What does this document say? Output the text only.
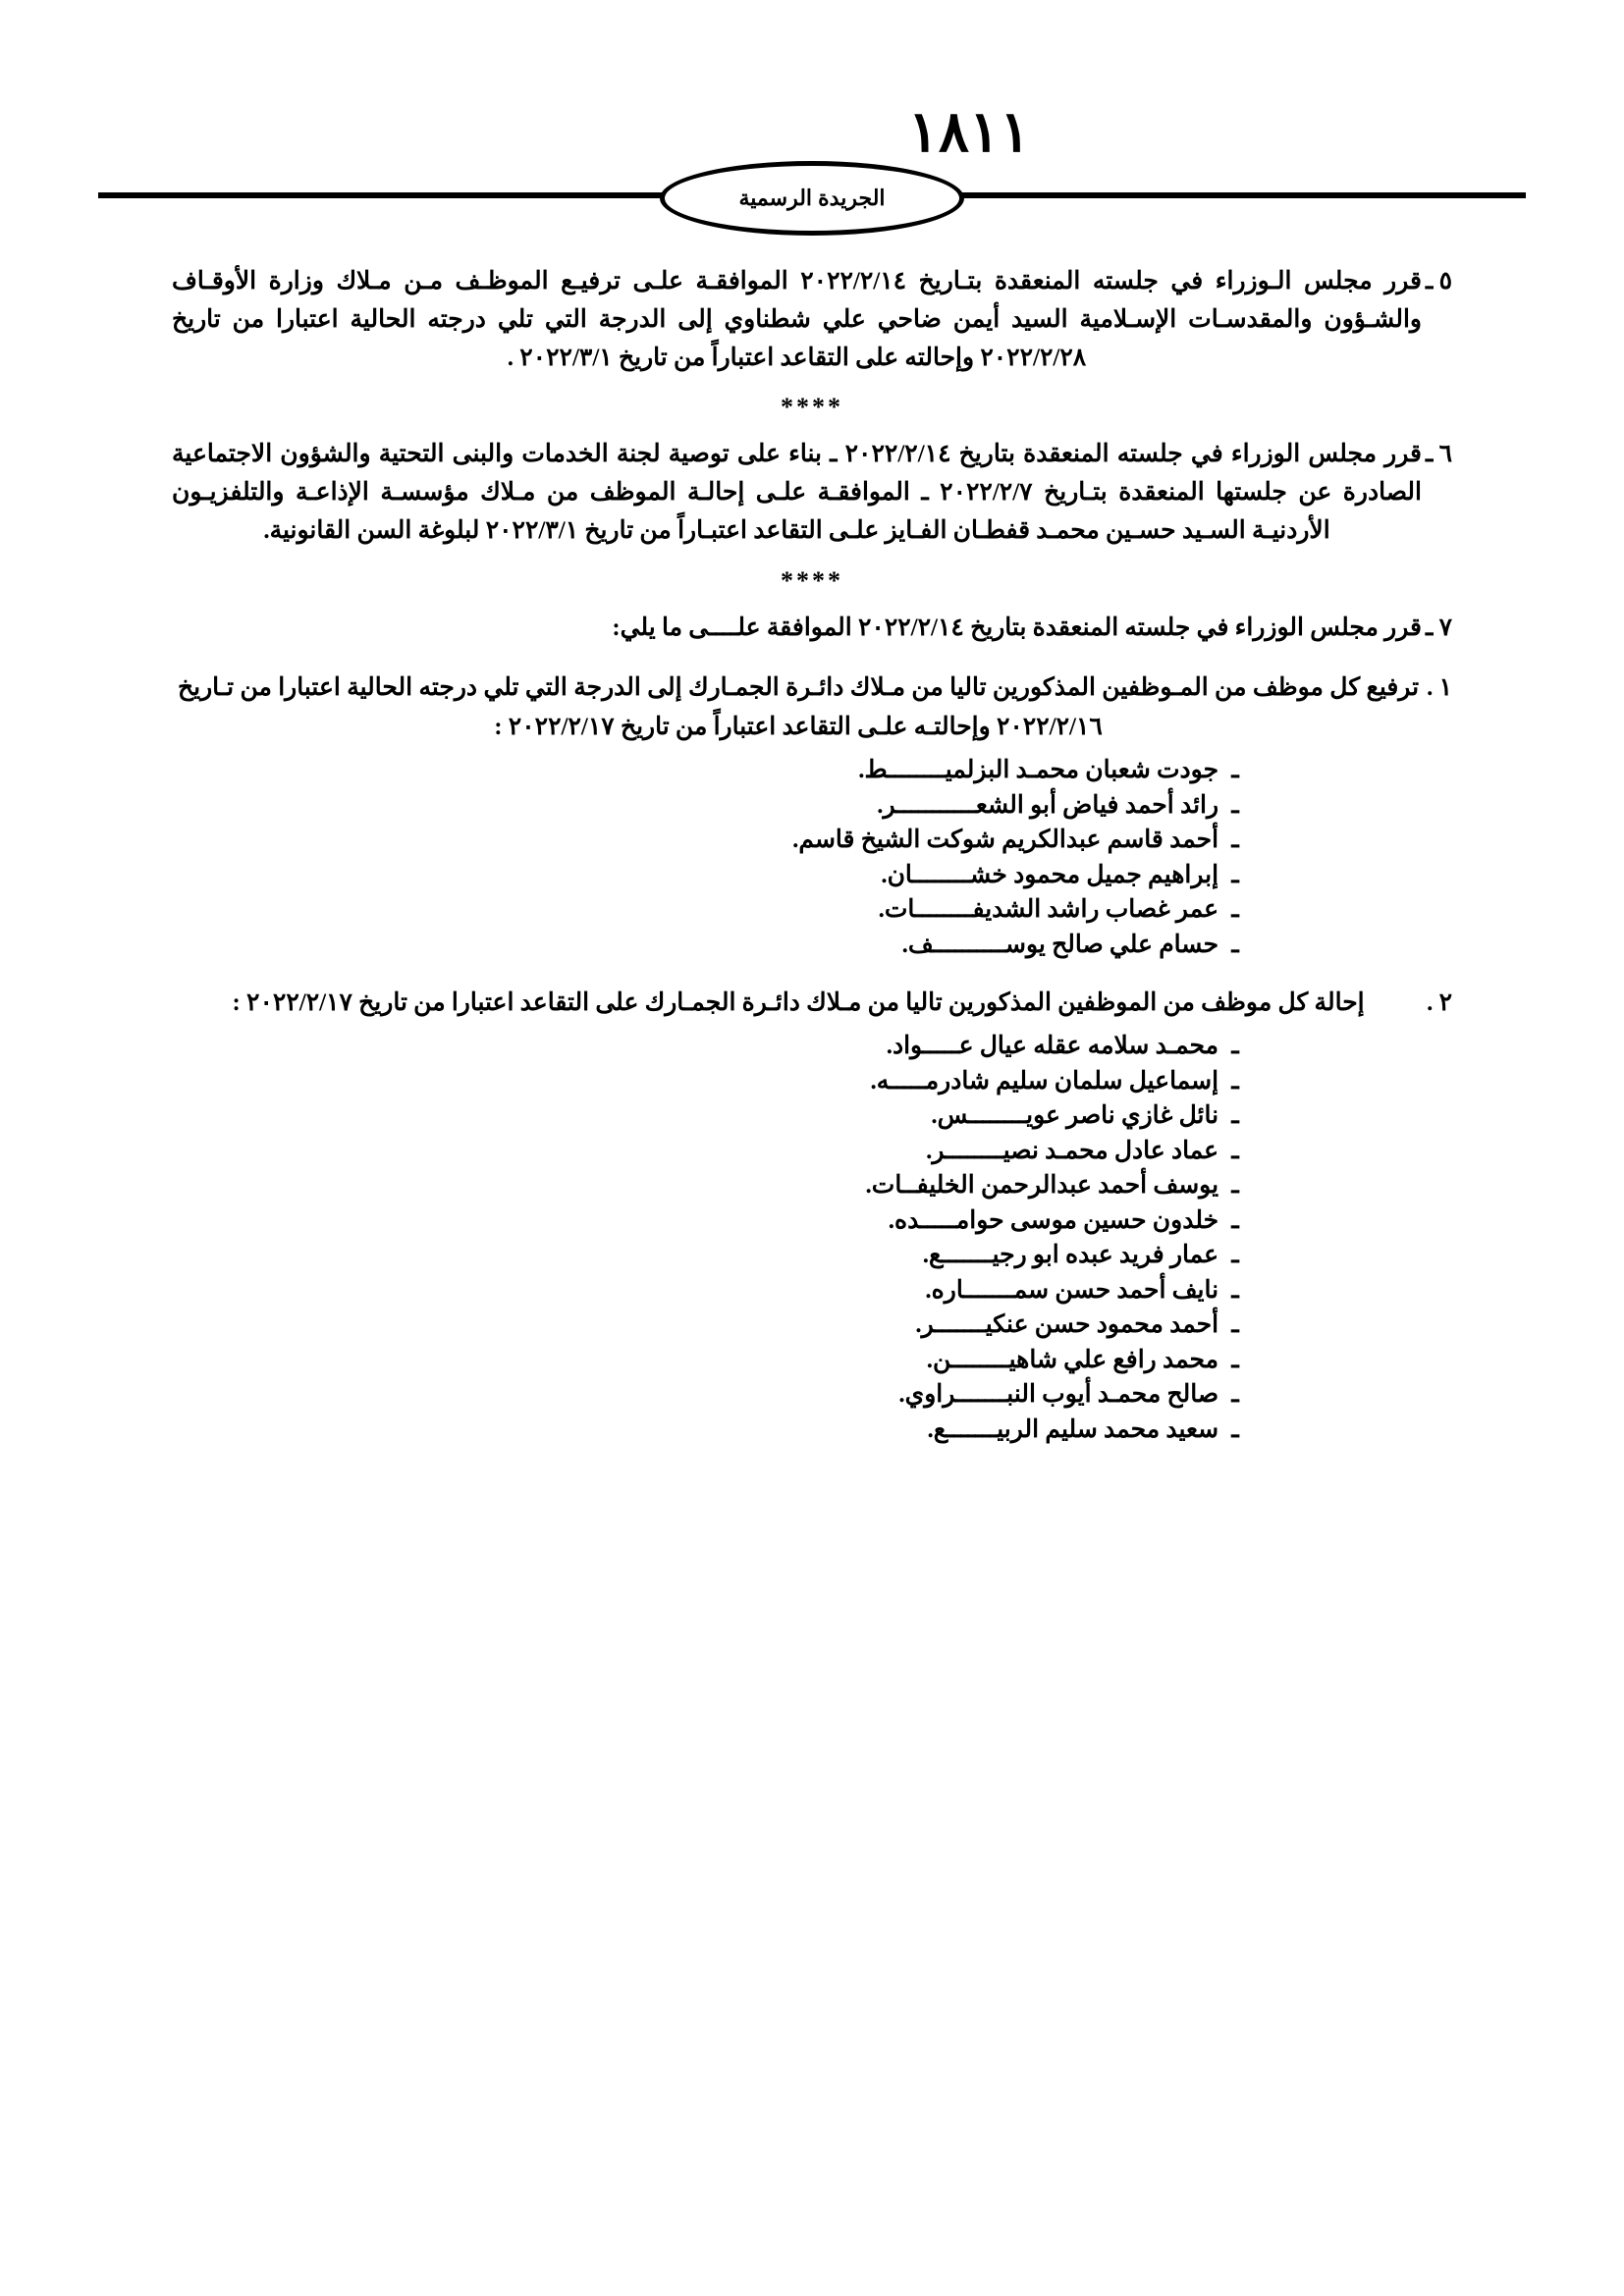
١٨١١
الجريدة الرسمية
٥ ـ
قرر مجلس الـوزراء في جلسته المنعقدة بتـاريخ ٢٠٢٢/٢/١٤ الموافقـة علـى ترفيـع الموظـف مـن مـلاك وزارة الأوقـاف والشـؤون والمقدسـات الإسـلامية السيد أيمن ضاحي علي شطناوي إلى الدرجة التي تلي درجته الحالية اعتبارا من تاريخ ٢٠٢٢/٢/٢٨ وإحالته على التقاعد اعتباراً من تاريخ ٢٠٢٢/٣/١ .
****
٦ ـ
قرر مجلس الوزراء في جلسته المنعقدة بتاريخ ٢٠٢٢/٢/١٤ ـ بناء على توصية لجنة الخدمات والبنى التحتية والشؤون الاجتماعية الصادرة عن جلستها المنعقدة بتـاريخ ٢٠٢٢/٢/٧ ـ الموافقـة علـى إحالـة الموظف من مـلاك مؤسسـة الإذاعـة والتلفزيـون الأردنيـة السـيد حسـين محمـد قفطـان الفـايز علـى التقاعد اعتبـاراً من تاريخ ٢٠٢٢/٣/١ لبلوغة السن القانونية.
****
٧ ـ
قرر مجلس الوزراء في جلسته المنعقدة بتاريخ ٢٠٢٢/٢/١٤ الموافقة علــــى ما يلي:
١ .
ترفيع كل موظف من المـوظفين المذكورين تاليا من مـلاك دائـرة الجمـارك إلى الدرجة التي تلي درجته الحالية اعتبارا من تـاريخ ٢٠٢٢/٢/١٦ وإحالتـه علـى التقاعد اعتباراً من تاريخ ٢٠٢٢/٢/١٧ :
ـ
جودت شعبان محمـد البزلميــــــــط.
ـ
رائد أحمد فياض أبو الشعـــــــــــر.
ـ
أحمد قاسم عبدالكريم شوكت الشيخ قاسم.
ـ
إبراهيم جميل محمود خشــــــــان.
ـ
عمر غصاب راشد الشديفــــــــات.
ـ
حسام علي صالح يوســــــــــف.
٢ .
إحالة كل موظف من الموظفين المذكورين تاليا من مـلاك دائـرة الجمـارك على التقاعد اعتبارا من تاريخ ٢٠٢٢/٢/١٧ :
ـ
محمـد سلامه عقله عيال عـــــواد.
ـ
إسماعيل سلمان سليم شادرمـــــه.
ـ
نائل غازي ناصر عويــــــــس.
ـ
عماد عادل محمـد نصيــــــــر.
ـ
يوسف أحمد عبدالرحمن الخليفــات.
ـ
خلدون حسين موسى حوامـــــده.
ـ
عمار فريد عبده ابو رجيـــــــع.
ـ
نايف أحمد حسن سمـــــــاره.
ـ
أحمد محمود حسن عنكيـــــــر.
ـ
محمد رافع علي شاهيــــــــن.
ـ
صالح محمـد أيوب النبـــــــراوي.
ـ
سعيد محمد سليم الربيـــــــع.
